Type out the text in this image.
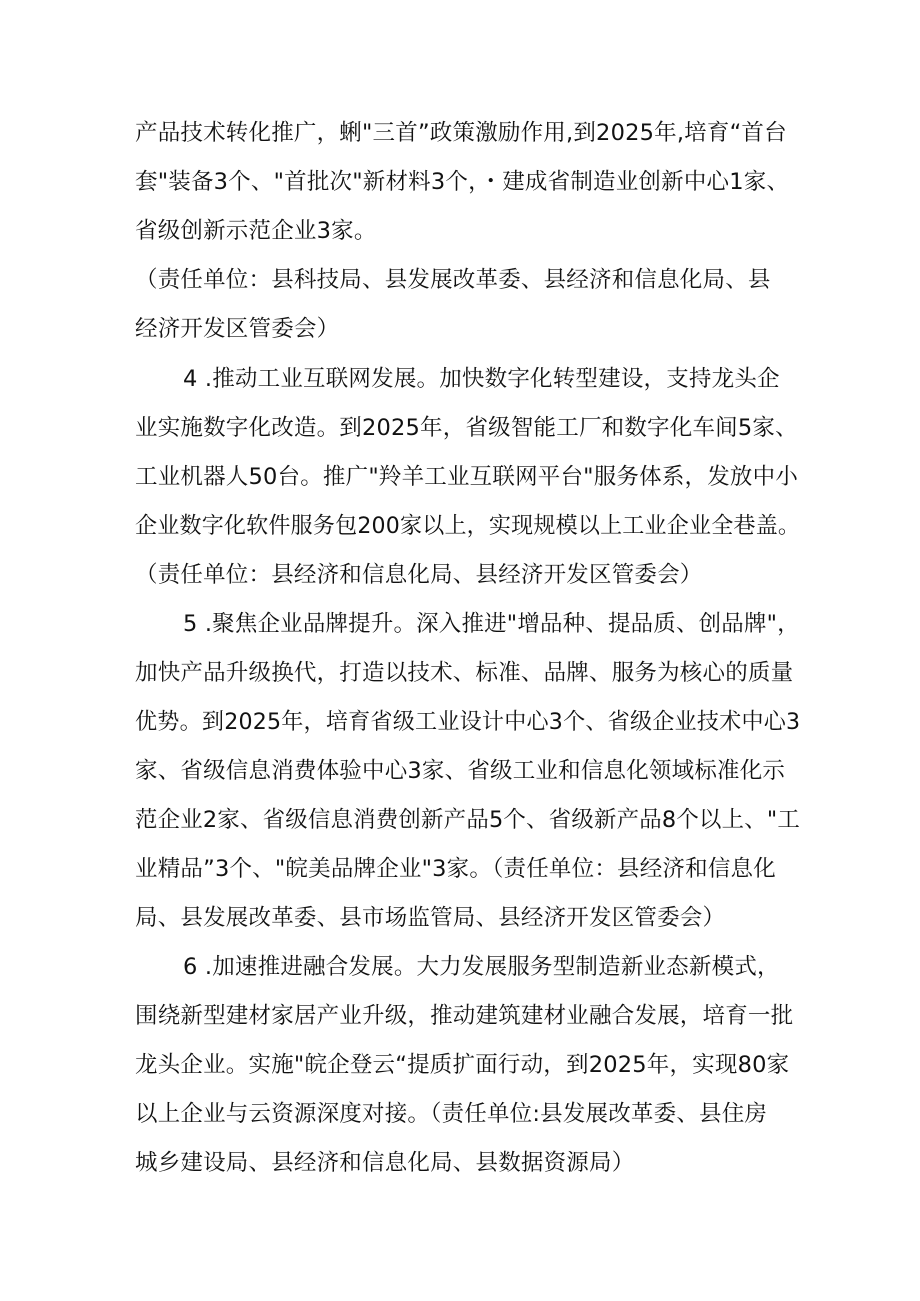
产品技术转化推广，蜊"三首”政策激励作用,到2025年,培育“首台
套"装备3个、"首批次"新材料3个，・建成省制造业创新中心1家、
省级创新示范企业3家。
（责任单位：县科技局、县发展改革委、县经济和信息化局、县
经济开发区管委会）
4 .推动工业互联网发展。加快数字化转型建设，支持龙头企
业实施数字化改造。到2025年，省级智能工厂和数字化车间5家、
工业机器人50台。推广"羚羊工业互联网平台"服务体系，发放中小
企业数字化软件服务包200家以上，实现规模以上工业企业全巷盖。
（责任单位：县经济和信息化局、县经济开发区管委会）
5 .聚焦企业品牌提升。深入推进"增品种、提品质、创品牌"，
加快产品升级换代，打造以技术、标准、品牌、服务为核心的质量
优势。到2025年，培育省级工业设计中心3个、省级企业技术中心3
家、省级信息消费体验中心3家、省级工业和信息化领域标准化示
范企业2家、省级信息消费创新产品5个、省级新产品8个以上、"工
业精品”3个、"皖美品牌企业"3家。（责任单位：县经济和信息化
局、县发展改革委、县市场监管局、县经济开发区管委会）
6 .加速推进融合发展。大力发展服务型制造新业态新模式，
围绕新型建材家居产业升级，推动建筑建材业融合发展，培育一批
龙头企业。实施"皖企登云“提质扩面行动，到2025年，实现80家
以上企业与云资源深度对接。（责任单位:县发展改革委、县住房
城乡建设局、县经济和信息化局、县数据资源局）
